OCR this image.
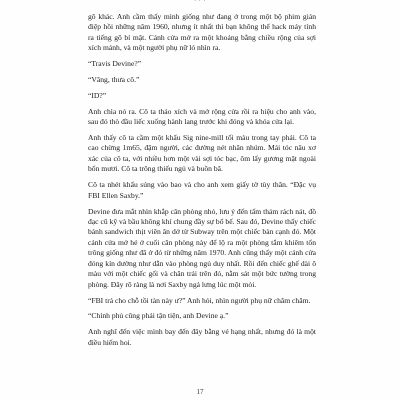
· · ·

gõ khác. Anh cầm thấy mình giống như đang ở trong một bộ phim gián điệp hồi những năm 1960, nhưng ít nhất thì bạn không thể hack máy tính ra tiếng gõ bí mật. Cánh cửa mở ra một khoảng bằng chiều rộng của sợi xích mảnh, và một người phụ nữ ló nhìn ra.

“Travis Devine?”

“Vâng, thưa cô.”

“ID?”

Anh chìa nó ra. Cô ta tháo xích và mở rộng cửa rồi ra hiệu cho anh vào, sau đó thò đầu liếc xuống hành lang trước khi đóng và khóa cửa lại.

Anh thấy cô ta cầm một khẩu Sig nine-mill tối màu trong tay phải. Cô ta cao chừng 1m65, đậm người, các đường nét nhăn nhúm. Mái tóc nâu xơ xác của cô ta, với nhiều hơn một vài sợi tóc bạc, ôm lấy gương mặt ngoài bốn mươi. Cô ta trông thiếu ngủ và buồn bã.

Cô ta nhét khẩu súng vào bao và cho anh xem giấy tờ tùy thân. “Đặc vụ FBI Ellen Saxby.”

Devine đưa mắt nhìn khắp căn phòng nhỏ, lưu ý đến tấm thảm rách nát, đồ đạc cũ kỹ và bầu không khí chung đầy sự bổ bế. Sau đó, Devine thấy chiếc bánh sandwich thịt viên ăn dở từ Subway trên một chiếc bàn cạnh đó. Một cánh cửa mở hé ở cuối căn phòng này để lộ ra một phòng tắm khiêm tốn trông giống như đã ở đó từ những năm 1970. Anh cũng thấy một cánh cửa đóng kín dường như dẫn vào phòng ngủ duy nhất. Rồi đến chiếc ghế dài ô màu với một chiếc gối và chăn trải trên đó, nằm sát một bức tường trong phòng. Đây rõ ràng là nơi Saxby ngả lưng lúc một mỏi.

“FBI trả cho chỗ tồi tàn này ư?” Anh hỏi, nhìn người phụ nữ chăm chăm.

“Chính phủ cũng phải tận tiện, anh Devine ạ.”

Anh nghĩ đến việc mình bay đến đây bằng vé hạng nhất, nhưng đó là một điều hiếm hoi.

17
